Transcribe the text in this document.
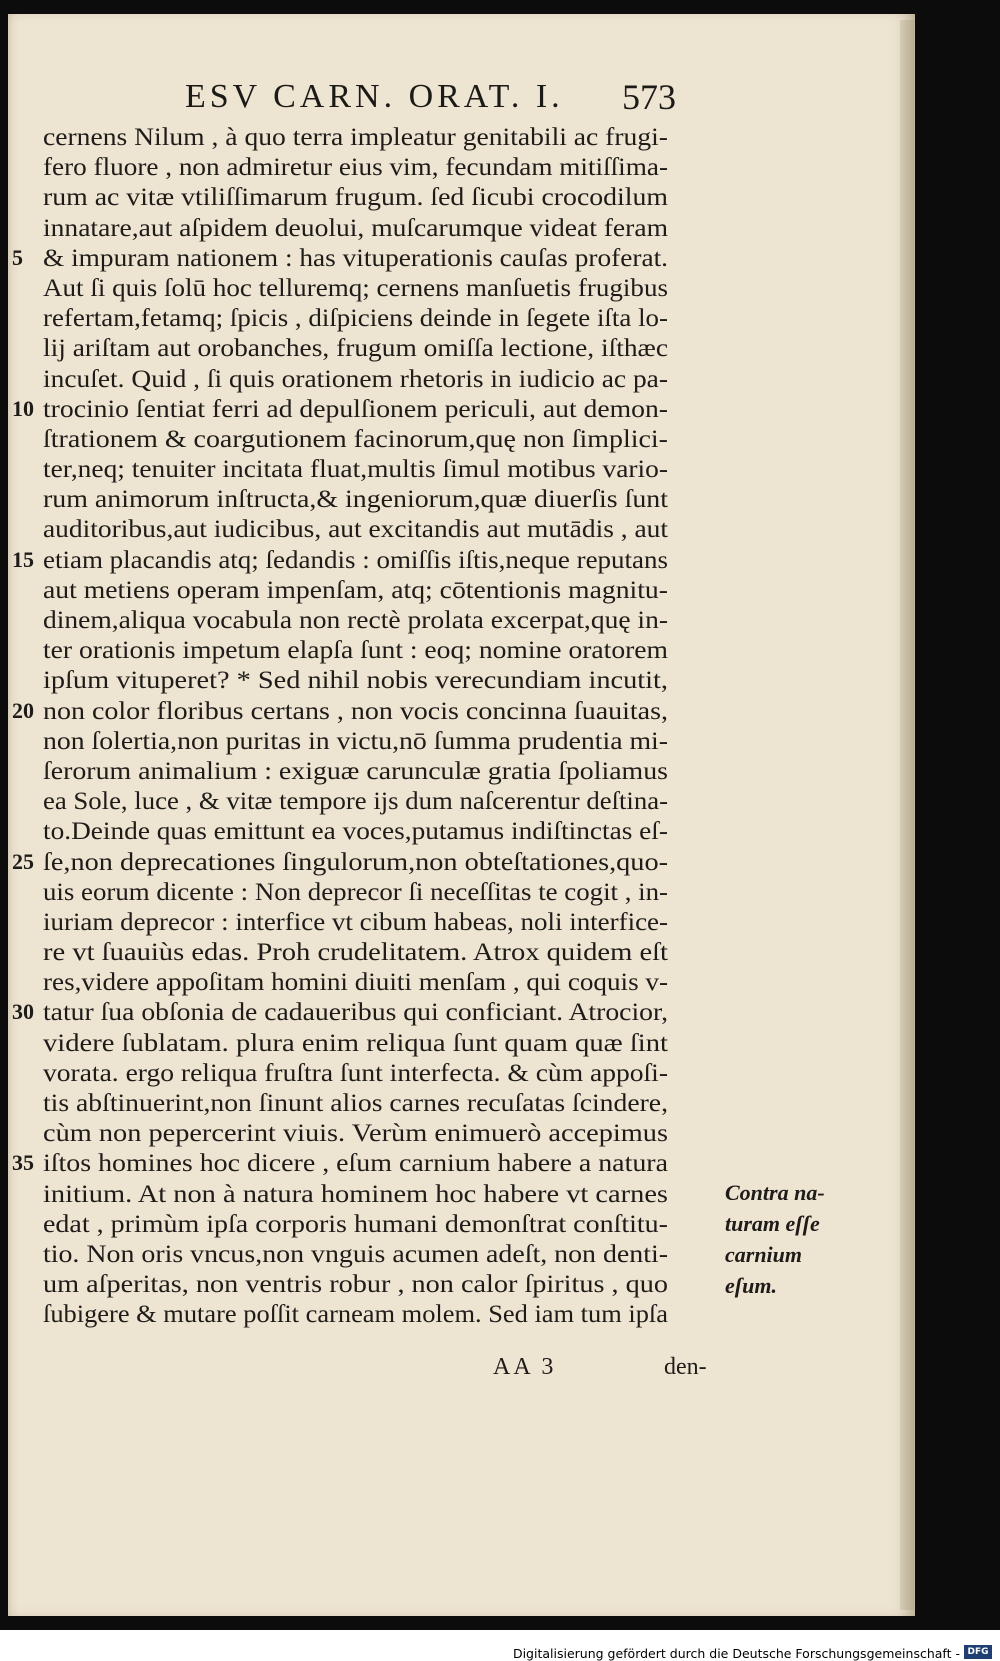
ESV CARN. ORAT. I.	573
cernens Nilum , à quo terra impleatur genitabili ac frugi-
fero fluore , non admiretur eius vim, fecundam mitiſſima-
rum ac vitæ vtiliſſimarum frugum. ſed ſicubi crocodilum
innatare,aut aſpidem deuolui, muſcarumque videat feram
5 & impuram nationem : has vituperationis cauſas proferat.
Aut ſi quis ſolū hoc telluremq; cernens manſuetis frugibus
refertam,fetamq; ſpicis , diſpiciens deinde in ſegete iſta lo-
lij ariſtam aut orobanches, frugum omiſſa lectione, iſthæc
incuſet. Quid , ſi quis orationem rhetoris in iudicio ac pa-
10 trocinio ſentiat ferri ad depulſionem periculi, aut demon-
ſtrationem & coargutionem facinorum,quę non ſimplici-
ter,neq; tenuiter incitata fluat,multis ſimul motibus vario-
rum animorum inſtructa,& ingeniorum,quæ diuerſis ſunt
auditoribus,aut iudicibus, aut excitandis aut mutādis , aut
15 etiam placandis atq; ſedandis : omiſſis iſtis,neque reputans
aut metiens operam impenſam, atq; cōtentionis magnitu-
dinem,aliqua vocabula non rectè prolata excerpat,quę in-
ter orationis impetum elapſa ſunt : eoq; nomine oratorem
ipſum vituperet? * Sed nihil nobis verecundiam incutit,
20 non color floribus certans , non vocis concinna ſuauitas,
non ſolertia,non puritas in victu,nō ſumma prudentia mi-
ſerorum animalium : exiguæ carunculæ gratia ſpoliamus
ea Sole, luce , & vitæ tempore ijs dum naſcerentur deſtina-
to.Deinde quas emittunt ea voces,putamus indiſtinctas eſ-
25 ſe,non deprecationes ſingulorum,non obteſtationes,quo-
uis eorum dicente : Non deprecor ſi neceſſitas te cogit , in-
iuriam deprecor : interfice vt cibum habeas, noli interfice-
re vt ſuauiùs edas. Proh crudelitatem. Atrox quidem eſt
res,videre appoſitam homini diuiti menſam , qui coquis v-
30 tatur ſua obſonia de cadaueribus qui conficiant. Atrocior,
videre ſublatam. plura enim reliqua ſunt quam quæ ſint
vorata. ergo reliqua fruſtra ſunt interfecta. & cùm appoſi-
tis abſtinuerint,non ſinunt alios carnes recuſatas ſcindere,
cùm non pepercerint viuis. Verùm enimuerò accepimus
35 iſtos homines hoc dicere , eſum carnium habere a natura
initium. At non à natura hominem hoc habere vt carnes
edat , primùm ipſa corporis humani demonſtrat conſtitu-
tio. Non oris vncus,non vnguis acumen adeſt, non denti-
um aſperitas, non ventris robur , non calor ſpiritus , quo
ſubigere & mutare poſſit carneam molem. Sed iam tum ipſa
Contra na-
turam eſſe
carnium
eſum.
AA 3	den-
Digitalisierung gefördert durch die Deutsche Forschungsgemeinschaft - DFG
